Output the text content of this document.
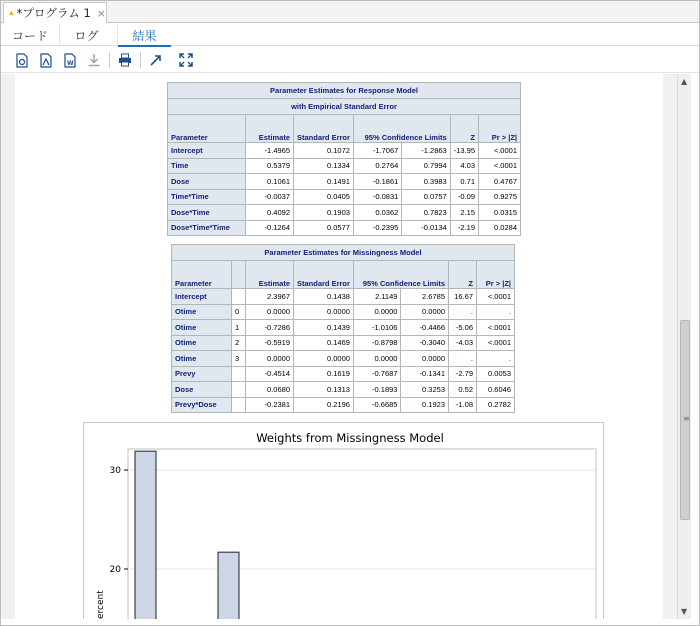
*プログラム 1 ×
コード	ログ	結果
W
Parameter Estimates for Response Model						
with Empirical Standard Error						
Parameter	Estimate	Standard Error	95% Confidence Limits		Z	Pr > |Z|
Intercept	-1.4965	0.1072	-1.7067	-1.2863	-13.95	<.0001
Time	0.5379	0.1334	0.2764	0.7994	4.03	<.0001
Dose	0.1061	0.1491	-0.1861	0.3983	0.71	0.4767
Time*Time	-0.0037	0.0405	-0.0831	0.0757	-0.09	0.9275
Dose*Time	0.4092	0.1903	0.0362	0.7823	2.15	0.0315
Dose*Time*Time	-0.1264	0.0577	-0.2395	-0.0134	-2.19	0.0284
Parameter Estimates for Missingness Model							
Parameter		Estimate	Standard Error	95% Confidence Limits		Z	Pr > |Z|
Intercept		2.3967	0.1438	2.1149	2.6785	16.67	<.0001
Otime	0	0.0000	0.0000	0.0000	0.0000	.	.
Otime	1	-0.7286	0.1439	-1.0106	-0.4466	-5.06	<.0001
Otime	2	-0.5919	0.1469	-0.8798	-0.3040	-4.03	<.0001
Otime	3	0.0000	0.0000	0.0000	0.0000	.	.
Prevy		-0.4514	0.1619	-0.7687	-0.1341	-2.79	0.0053
Dose		0.0680	0.1313	-0.1893	0.3253	0.52	0.6046
Prevy*Dose		-0.2381	0.2196	-0.6685	0.1923	-1.08	0.2782
Weights from Missingness Model
20
30
ercent
▲
≡
▼
